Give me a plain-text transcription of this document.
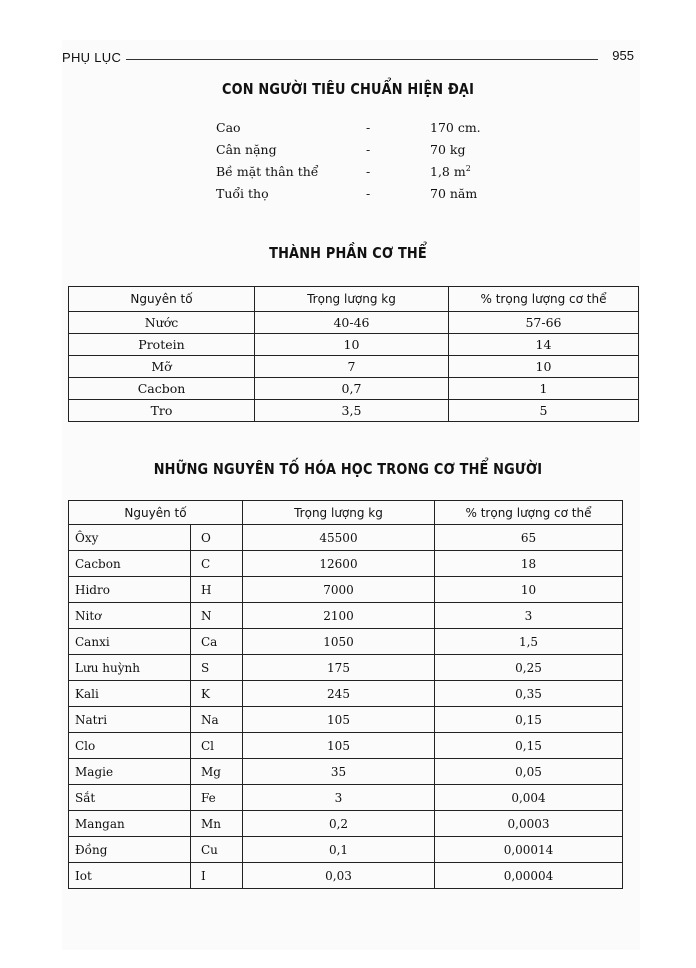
PHỤ LỤC	955
CON NGƯỜI TIÊU CHUẨN HIỆN ĐẠI
Cao	-	170 cm.
Cân nặng	-	70 kg
Bề mặt thân thể	-	1,8 $m^2$
Tuổi thọ	-	70 năm
THÀNH PHẦN CƠ THỂ
Nguyên tố	Trọng lượng kg	% trọng lượng cơ thể
Nước	40-46	57-66
Protein	10	14
Mỡ	7	10
Cacbon	0,7	1
Tro	3,5	5
NHỮNG NGUYÊN TỐ HÓA HỌC TRONG CƠ THỂ NGƯỜI
Nguyên tố		Trọng lượng kg	% trọng lượng cơ thể
Ôxy	O	45500	65
Cacbon	C	12600	18
Hidro	H	7000	10
Nitơ	N	2100	3
Canxi	Ca	1050	1,5
Lưu huỳnh	S	175	0,25
Kali	K	245	0,35
Natri	Na	105	0,15
Clo	Cl	105	0,15
Magie	Mg	35	0,05
Sắt	Fe	3	0,004
Mangan	Mn	0,2	0,0003
Đồng	Cu	0,1	0,00014
Iot	I	0,03	0,00004
